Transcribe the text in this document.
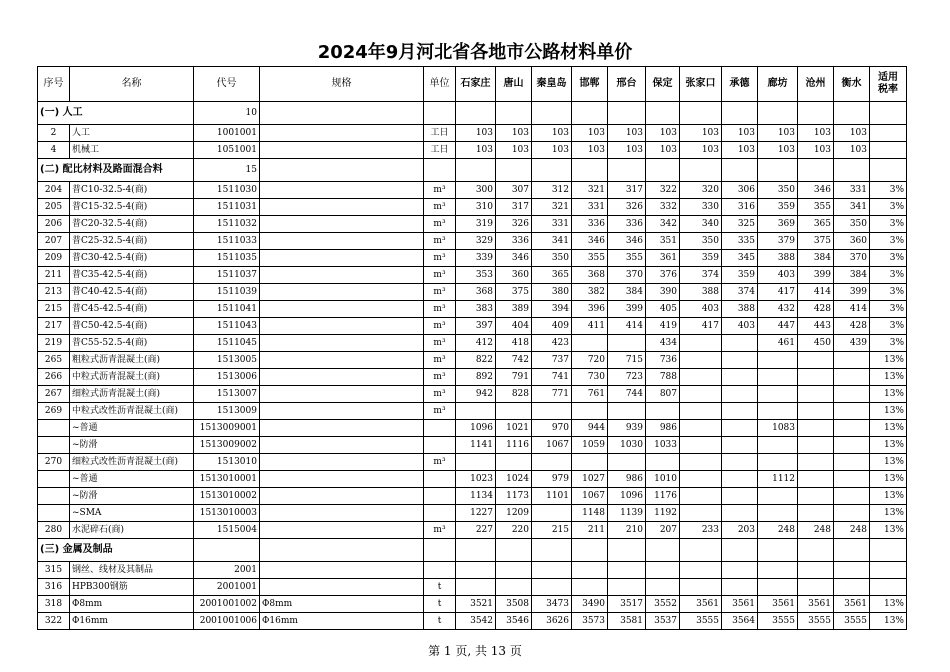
2024年9月河北省各地市公路材料单价
序号	名称	代号	规格	单位	石家庄	唐山	秦皇岛	邯郸	邢台	保定	张家口	承德	廊坊	沧州	衡水	适用
税率
(一) 人工		10														
2	人工	1001001		工日	103	103	103	103	103	103	103	103	103	103	103	
4	机械工	1051001		工日	103	103	103	103	103	103	103	103	103	103	103	
(二) 配比材料及路面混合料		15														
204	普C10-32.5-4(商)	1511030		m³	300	307	312	321	317	322	320	306	350	346	331	3%
205	普C15-32.5-4(商)	1511031		m³	310	317	321	331	326	332	330	316	359	355	341	3%
206	普C20-32.5-4(商)	1511032		m³	319	326	331	336	336	342	340	325	369	365	350	3%
207	普C25-32.5-4(商)	1511033		m³	329	336	341	346	346	351	350	335	379	375	360	3%
209	普C30-42.5-4(商)	1511035		m³	339	346	350	355	355	361	359	345	388	384	370	3%
211	普C35-42.5-4(商)	1511037		m³	353	360	365	368	370	376	374	359	403	399	384	3%
213	普C40-42.5-4(商)	1511039		m³	368	375	380	382	384	390	388	374	417	414	399	3%
215	普C45-42.5-4(商)	1511041		m³	383	389	394	396	399	405	403	388	432	428	414	3%
217	普C50-42.5-4(商)	1511043		m³	397	404	409	411	414	419	417	403	447	443	428	3%
219	普C55-52.5-4(商)	1511045		m³	412	418	423			434			461	450	439	3%
265	粗粒式沥青混凝土(商)	1513005		m³	822	742	737	720	715	736						13%
266	中粒式沥青混凝土(商)	1513006		m³	892	791	741	730	723	788						13%
267	细粒式沥青混凝土(商)	1513007		m³	942	828	771	761	744	807						13%
269	中粒式改性沥青混凝土(商)	1513009		m³												13%
	~普通	1513009001			1096	1021	970	944	939	986			1083			13%
	~防滑	1513009002			1141	1116	1067	1059	1030	1033						13%
270	细粒式改性沥青混凝土(商)	1513010		m³												13%
	~普通	1513010001			1023	1024	979	1027	986	1010			1112			13%
	~防滑	1513010002			1134	1173	1101	1067	1096	1176						13%
	~SMA	1513010003			1227	1209		1148	1139	1192						13%
280	水泥碎石(商)	1515004		m³	227	220	215	211	210	207	233	203	248	248	248	13%
(三) 金属及制品																
315	钢丝、线材及其制品	2001														
316	HPB300钢筋	2001001		t												
318	Φ8mm	2001001002	Φ8mm	t	3521	3508	3473	3490	3517	3552	3561	3561	3561	3561	3561	13%
322	Φ16mm	2001001006	Φ16mm	t	3542	3546	3626	3573	3581	3537	3555	3564	3555	3555	3555	13%
第 1 页, 共 13 页
